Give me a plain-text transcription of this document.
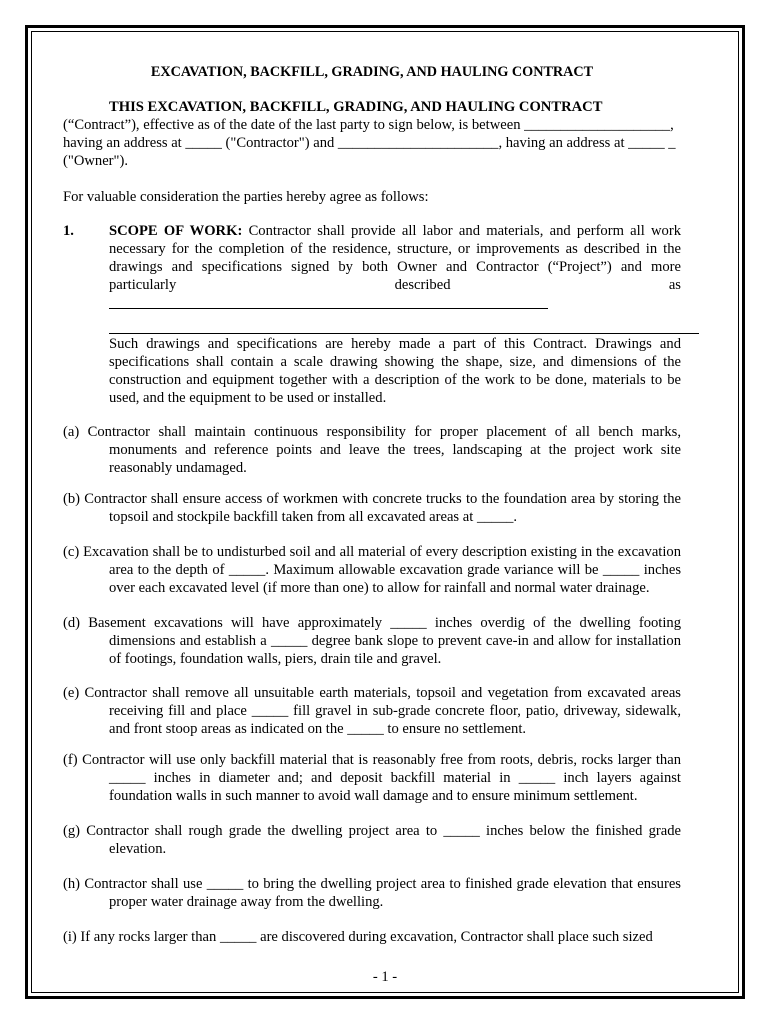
EXCAVATION, BACKFILL, GRADING, AND HAULING CONTRACT

THIS EXCAVATION, BACKFILL, GRADING, AND HAULING CONTRACT
(“Contract”), effective as of the date of the last party to sign below, is between ____________________, having an address at _____ ("Contractor") and ______________________, having an address at _____ _ ("Owner").

For valuable consideration the parties hereby agree as follows:

1. SCOPE OF WORK: Contractor shall provide all labor and materials, and perform all work necessary for the completion of the residence, structure, or improvements as described in the drawings and specifications signed by both Owner and Contractor (“Project”) and more particularly described as

Such drawings and specifications are hereby made a part of this Contract. Drawings and specifications shall contain a scale drawing showing the shape, size, and dimensions of the construction and equipment together with a description of the work to be done, materials to be used, and the equipment to be used or installed.

(a) Contractor shall maintain continuous responsibility for proper placement of all bench marks, monuments and reference points and leave the trees, landscaping at the project work site reasonably undamaged.

(b) Contractor shall ensure access of workmen with concrete trucks to the foundation area by storing the topsoil and stockpile backfill taken from all excavated areas at _____.

(c) Excavation shall be to undisturbed soil and all material of every description existing in the excavation area to the depth of _____. Maximum allowable excavation grade variance will be _____ inches over each excavated level (if more than one) to allow for rainfall and normal water drainage.

(d) Basement excavations will have approximately _____ inches overdig of the dwelling footing dimensions and establish a _____ degree bank slope to prevent cave-in and allow for installation of footings, foundation walls, piers, drain tile and gravel.

(e) Contractor shall remove all unsuitable earth materials, topsoil and vegetation from excavated areas receiving fill and place _____ fill gravel in sub-grade concrete floor, patio, driveway, sidewalk, and front stoop areas as indicated on the _____ to ensure no settlement.

(f) Contractor will use only backfill material that is reasonably free from roots, debris, rocks larger than _____ inches in diameter and; and deposit backfill material in _____ inch layers against foundation walls in such manner to avoid wall damage and to ensure minimum settlement.

(g) Contractor shall rough grade the dwelling project area to _____ inches below the finished grade elevation.

(h) Contractor shall use _____ to bring the dwelling project area to finished grade elevation that ensures proper water drainage away from the dwelling.

(i) If any rocks larger than _____ are discovered during excavation, Contractor shall place such sized

- 1 -
